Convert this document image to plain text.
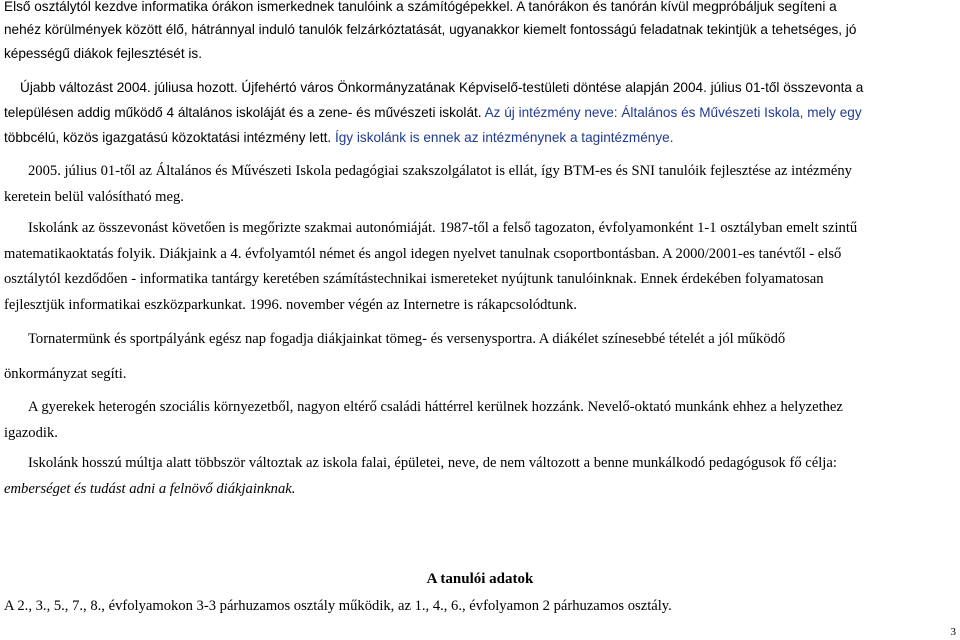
Első osztálytól kezdve informatika órákon ismerkednek tanulóink a számítógépekkel. A tanórákon és tanórán kívül megpróbáljuk segíteni a
nehéz körülmények között élő, hátránnyal induló tanulók felzárkóztatását, ugyanakkor kiemelt fontosságú feladatnak tekintjük a tehetséges, jó
képességű diákok fejlesztését is.
Újabb változást 2004. júliusa hozott. Újfehértó város Önkormányzatának Képviselő-testületi döntése alapján 2004. július 01-től összevonta a
településen addig működő 4 általános iskoláját és a zene- és művészeti iskolát. Az új intézmény neve: Általános és Művészeti Iskola, mely egy
többcélú, közös igazgatású közoktatási intézmény lett. Így iskolánk is ennek az intézménynek a tagintézménye.
2005. július 01-től az Általános és Művészeti Iskola pedagógiai szakszolgálatot is ellát, így BTM-es és SNI tanulóik fejlesztése az intézmény
keretein belül valósítható meg.
Iskolánk az összevonást követően is megőrizte szakmai autonómiáját. 1987-től a felső tagozaton, évfolyamonként 1-1 osztályban emelt szintű
matematikaoktatás folyik. Diákjaink a 4. évfolyamtól német és angol idegen nyelvet tanulnak csoportbontásban. A 2000/2001-es tanévtől - első
osztálytól kezdődően - informatika tantárgy keretében számítástechnikai ismereteket nyújtunk tanulóinknak. Ennek érdekében folyamatosan
fejlesztjük informatikai eszközparkunkat. 1996. november végén az Internetre is rákapcsolódtunk.
Tornatermünk és sportpályánk egész nap fogadja diákjainkat tömeg- és versenysportra. A diákélet színesebbé tételét a jól működő
önkormányzat segíti.
A gyerekek heterogén szociális környezetből, nagyon eltérő családi háttérrel kerülnek hozzánk. Nevelő-oktató munkánk ehhez a helyzethez
igazodik.
Iskolánk hosszú múltja alatt többször változtak az iskola falai, épületei, neve, de nem változott a benne munkálkodó pedagógusok fő célja:
emberséget és tudást adni a felnövő diákjainknak.
A tanulói adatok
A 2., 3., 5., 7., 8., évfolyamokon 3-3 párhuzamos osztály működik, az 1., 4., 6., évfolyamon 2 párhuzamos osztály.
3
